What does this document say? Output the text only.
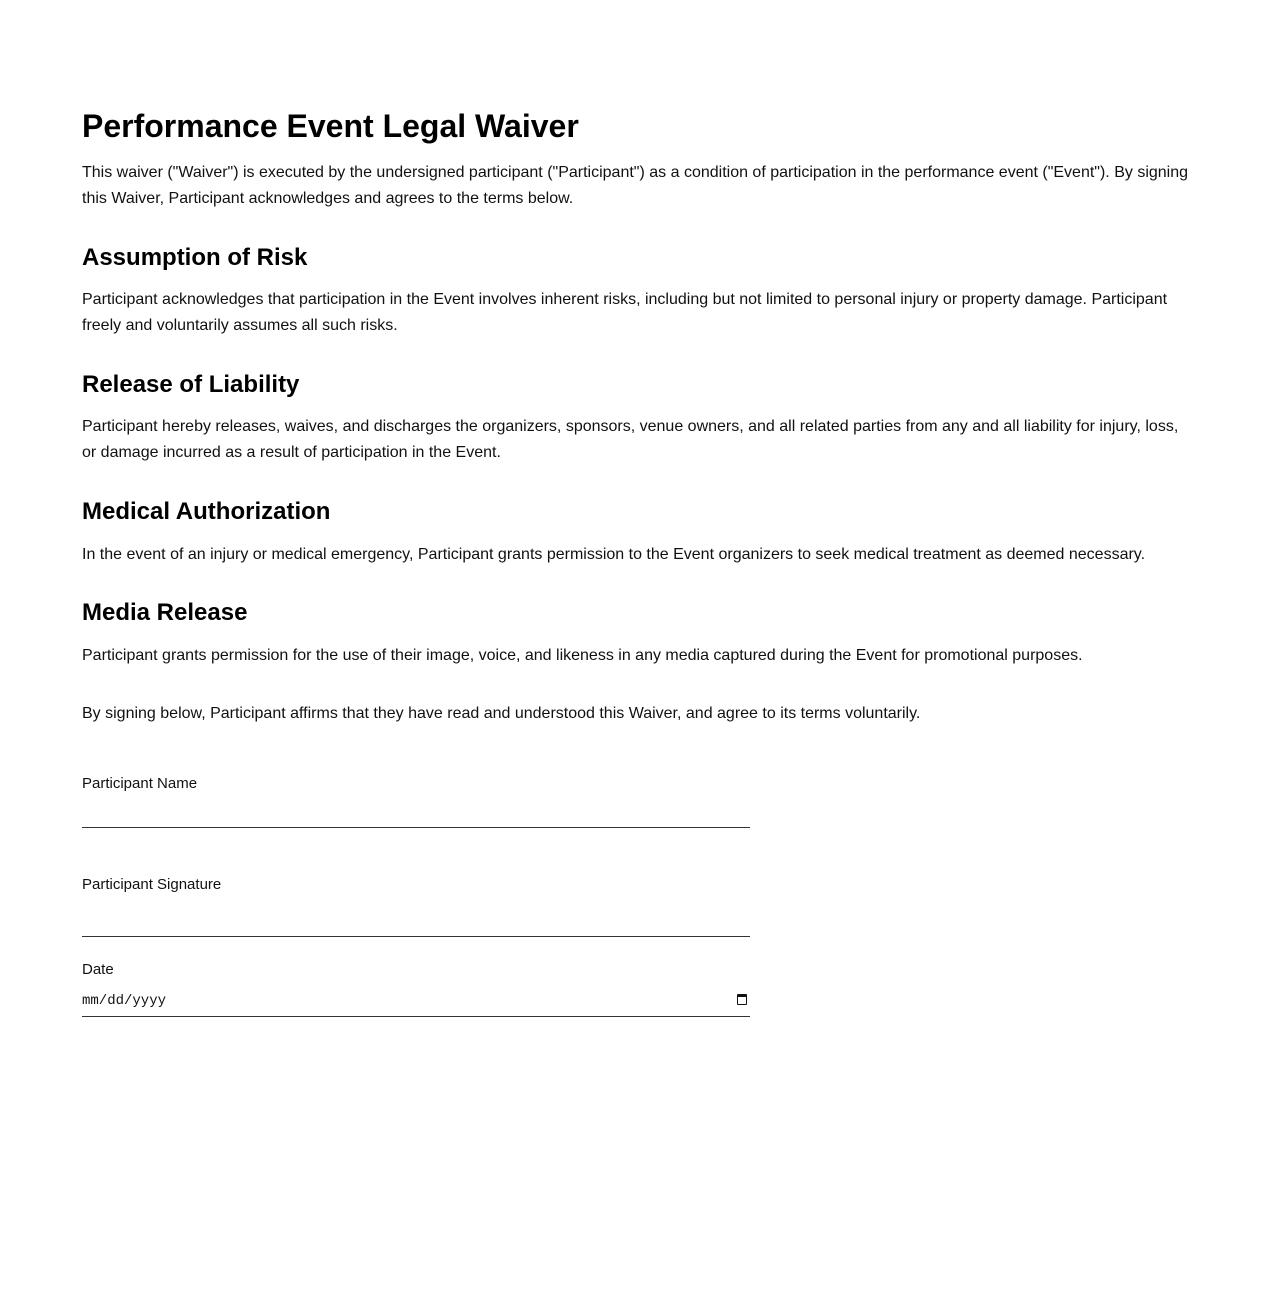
Performance Event Legal Waiver

This waiver ("Waiver") is executed by the undersigned participant ("Participant") as a condition of participation in the performance event ("Event"). By signing this Waiver, Participant acknowledges and agrees to the terms below.

Assumption of Risk

Participant acknowledges that participation in the Event involves inherent risks, including but not limited to personal injury or property damage. Participant freely and voluntarily assumes all such risks.

Release of Liability

Participant hereby releases, waives, and discharges the organizers, sponsors, venue owners, and all related parties from any and all liability for injury, loss, or damage incurred as a result of participation in the Event.

Medical Authorization

In the event of an injury or medical emergency, Participant grants permission to the Event organizers to seek medical treatment as deemed necessary.

Media Release

Participant grants permission for the use of their image, voice, and likeness in any media captured during the Event for promotional purposes.

By signing below, Participant affirms that they have read and understood this Waiver, and agree to its terms voluntarily.

Participant Name
Participant Signature
Date
mm/dd/yyyy
